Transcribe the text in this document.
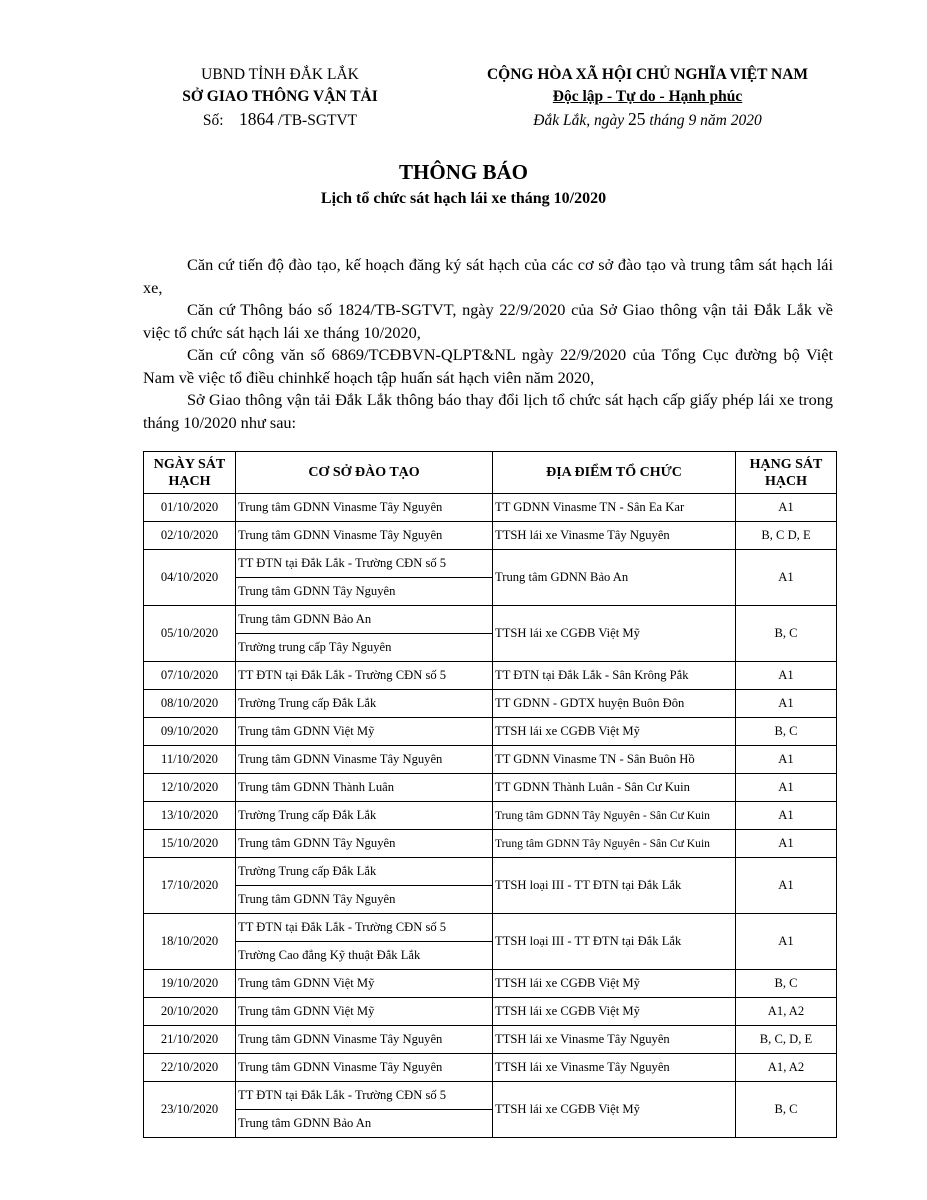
UBND TỈNH ĐẮK LẮK
SỞ GIAO THÔNG VẬN TẢI
Số: 1864 /TB-SGTVT
CỘNG HÒA XÃ HỘI CHỦ NGHĨA VIỆT NAM
Độc lập - Tự do - Hạnh phúc
Đắk Lắk, ngày 25 tháng 9 năm 2020
THÔNG BÁO
Lịch tổ chức sát hạch lái xe tháng 10/2020

Căn cứ tiến độ đào tạo, kế hoạch đăng ký sát hạch của các cơ sở đào tạo và trung tâm sát hạch lái xe,

Căn cứ Thông báo số 1824/TB-SGTVT, ngày 22/9/2020 của Sở Giao thông vận tải Đắk Lắk về việc tổ chức sát hạch lái xe tháng 10/2020,

Căn cứ công văn số 6869/TCĐBVN-QLPT&NL ngày 22/9/2020 của Tổng Cục đường bộ Việt Nam về việc tổ điều chinhkế hoạch tập huấn sát hạch viên năm 2020,

Sở Giao thông vận tải Đắk Lắk thông báo thay đổi lịch tổ chức sát hạch cấp giấy phép lái xe trong tháng 10/2020 như sau:

NGÀY SÁT HẠCH	CƠ SỞ ĐÀO TẠO	ĐỊA ĐIỂM TỔ CHỨC	HẠNG SÁT HẠCH
01/10/2020	Trung tâm GDNN Vinasme Tây Nguyên	TT GDNN Vinasme TN - Sân Ea Kar	A1
02/10/2020	Trung tâm GDNN Vinasme Tây Nguyên	TTSH lái xe Vinasme Tây Nguyên	B, C D, E
04/10/2020	TT ĐTN tại Đắk Lắk - Trường CĐN số 5	Trung tâm GDNN Bảo An	A1
	Trung tâm GDNN Tây Nguyên		
05/10/2020	Trung tâm GDNN Bảo An	TTSH lái xe CGĐB Việt Mỹ	B, C
	Trường trung cấp Tây Nguyên		
07/10/2020	TT ĐTN tại Đắk Lắk - Trường CĐN số 5	TT ĐTN tại Đắk Lắk - Sân Krông Pắk	A1
08/10/2020	Trường Trung cấp Đắk Lắk	TT GDNN - GDTX huyện Buôn Đôn	A1
09/10/2020	Trung tâm GDNN Việt Mỹ	TTSH lái xe CGĐB Việt Mỹ	B, C
11/10/2020	Trung tâm GDNN Vinasme Tây Nguyên	TT GDNN Vinasme TN - Sân Buôn Hồ	A1
12/10/2020	Trung tâm GDNN Thành Luân	TT GDNN Thành Luân - Sân Cư Kuin	A1
13/10/2020	Trường Trung cấp Đắk Lắk	Trung tâm GDNN Tây Nguyên - Sân Cư Kuin	A1
15/10/2020	Trung tâm GDNN Tây Nguyên	Trung tâm GDNN Tây Nguyên - Sân Cư Kuin	A1
17/10/2020	Trường Trung cấp Đắk Lắk	TTSH loại III - TT ĐTN tại Đắk Lắk	A1
	Trung tâm GDNN Tây Nguyên		
18/10/2020	TT ĐTN tại Đắk Lắk - Trường CĐN số 5	TTSH loại III - TT ĐTN tại Đắk Lắk	A1
	Trường Cao đẳng Kỹ thuật Đắk Lắk		
19/10/2020	Trung tâm GDNN Việt Mỹ	TTSH lái xe CGĐB Việt Mỹ	B, C
20/10/2020	Trung tâm GDNN Việt Mỹ	TTSH lái xe CGĐB Việt Mỹ	A1, A2
21/10/2020	Trung tâm GDNN Vinasme Tây Nguyên	TTSH lái xe Vinasme Tây Nguyên	B, C, D, E
22/10/2020	Trung tâm GDNN Vinasme Tây Nguyên	TTSH lái xe Vinasme Tây Nguyên	A1, A2
23/10/2020	TT ĐTN tại Đắk Lắk - Trường CĐN số 5	TTSH lái xe CGĐB Việt Mỹ	B, C
	Trung tâm GDNN Bảo An		
